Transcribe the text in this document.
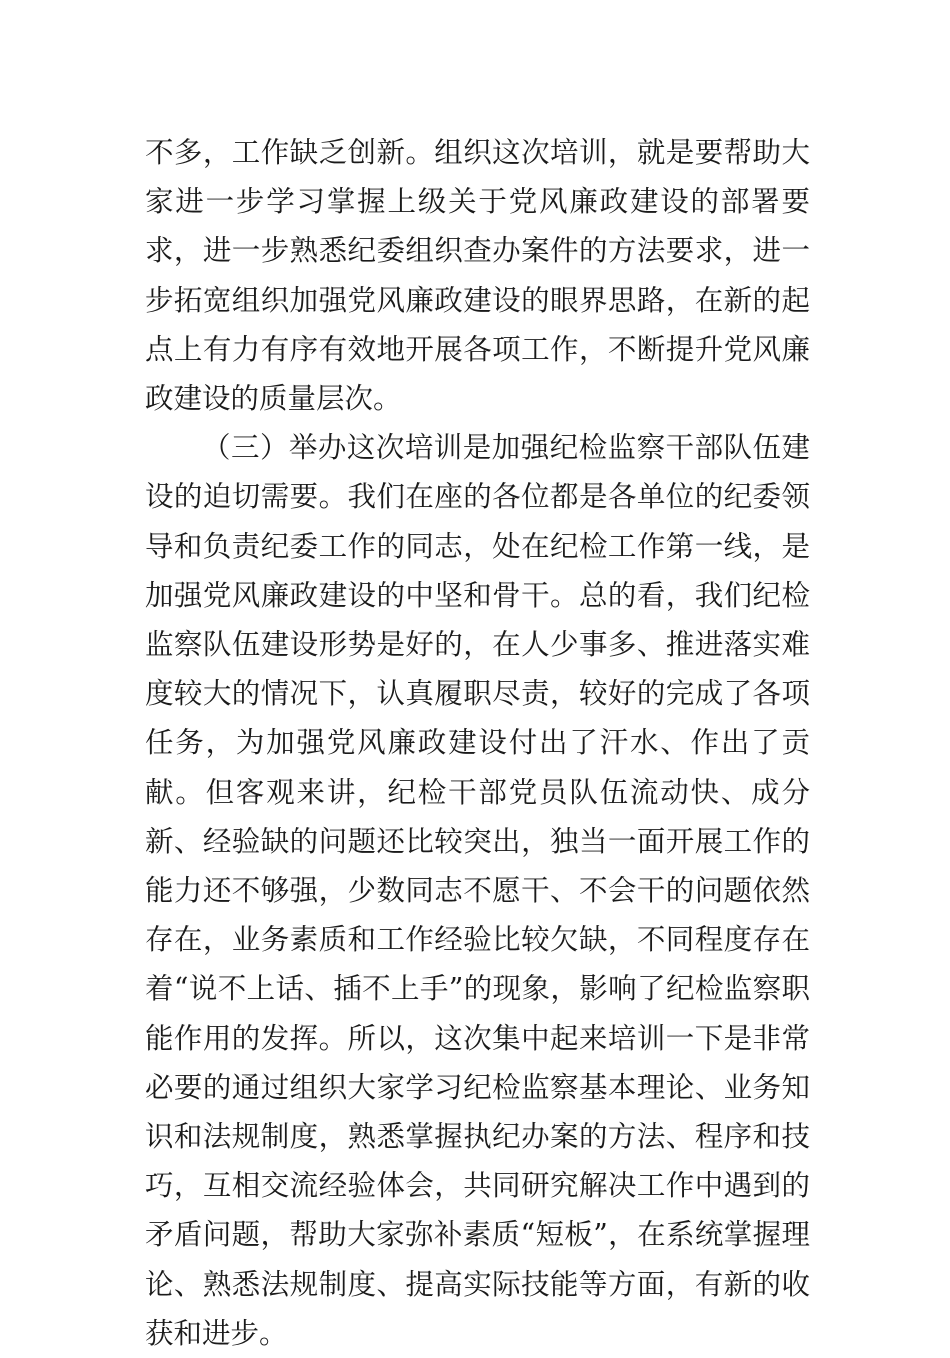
不多，工作缺乏创新。组织这次培训，就是要帮助大家进一步学习掌握上级关于党风廉政建设的部署要求，进一步熟悉纪委组织查办案件的方法要求，进一步拓宽组织加强党风廉政建设的眼界思路，在新的起点上有力有序有效地开展各项工作，不断提升党风廉政建设的质量层次。

（三）举办这次培训是加强纪检监察干部队伍建设的迫切需要。我们在座的各位都是各单位的纪委领导和负责纪委工作的同志，处在纪检工作第一线，是加强党风廉政建设的中坚和骨干。总的看，我们纪检监察队伍建设形势是好的，在人少事多、推进落实难度较大的情况下，认真履职尽责，较好的完成了各项任务，为加强党风廉政建设付出了汗水、作出了贡献。但客观来讲，纪检干部党员队伍流动快、成分新、经验缺的问题还比较突出，独当一面开展工作的能力还不够强，少数同志不愿干、不会干的问题依然存在，业务素质和工作经验比较欠缺，不同程度存在着“说不上话、插不上手”的现象，影响了纪检监察职能作用的发挥。所以，这次集中起来培训一下是非常必要的通过组织大家学习纪检监察基本理论、业务知识和法规制度，熟悉掌握执纪办案的方法、程序和技巧，互相交流经验体会，共同研究解决工作中遇到的矛盾问题，帮助大家弥补素质“短板”，在系统掌握理论、熟悉法规制度、提高实际技能等方面，有新的收获和进步。
